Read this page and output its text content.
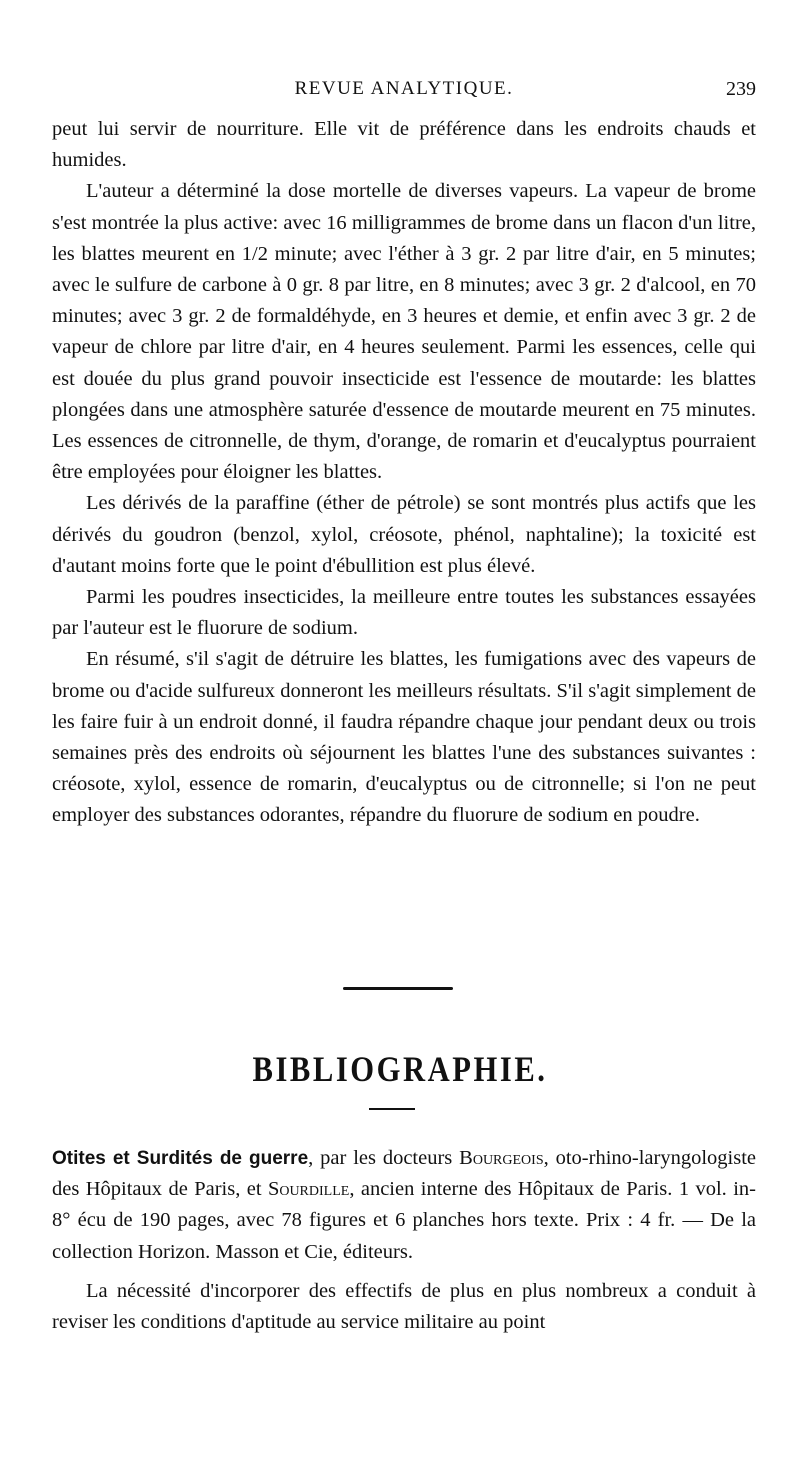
REVUE ANALYTIQUE.	239

peut lui servir de nourriture. Elle vit de préférence dans les endroits chauds et humides.

L'auteur a déterminé la dose mortelle de diverses vapeurs. La vapeur de brome s'est montrée la plus active: avec 16 milligrammes de brome dans un flacon d'un litre, les blattes meurent en 1/2 minute; avec l'éther à 3 gr. 2 par litre d'air, en 5 minutes; avec le sulfure de carbone à 0 gr. 8 par litre, en 8 minutes; avec 3 gr. 2 d'alcool, en 70 minutes; avec 3 gr. 2 de formaldéhyde, en 3 heures et demie, et enfin avec 3 gr. 2 de vapeur de chlore par litre d'air, en 4 heures seulement. Parmi les essences, celle qui est douée du plus grand pouvoir insecticide est l'essence de moutarde: les blattes plongées dans une atmosphère saturée d'essence de moutarde meurent en 75 minutes. Les essences de citronnelle, de thym, d'orange, de romarin et d'eucalyptus pourraient être employées pour éloigner les blattes.

Les dérivés de la paraffine (éther de pétrole) se sont montrés plus actifs que les dérivés du goudron (benzol, xylol, créosote, phénol, naphtaline); la toxicité est d'autant moins forte que le point d'ébullition est plus élevé.

Parmi les poudres insecticides, la meilleure entre toutes les substances essayées par l'auteur est le fluorure de sodium.

En résumé, s'il s'agit de détruire les blattes, les fumigations avec des vapeurs de brome ou d'acide sulfureux donneront les meilleurs résultats. S'il s'agit simplement de les faire fuir à un endroit donné, il faudra répandre chaque jour pendant deux ou trois semaines près des endroits où séjournent les blattes l'une des substances suivantes : créosote, xylol, essence de romarin, d'eucalyptus ou de citronnelle; si l'on ne peut employer des substances odorantes, répandre du fluorure de sodium en poudre.

BIBLIOGRAPHIE.

Otites et Surdités de guerre, par les docteurs Bourgeois, oto-rhino-laryngologiste des Hôpitaux de Paris, et Sourdille, ancien interne des Hôpitaux de Paris. 1 vol. in-8° écu de 190 pages, avec 78 figures et 6 planches hors texte. Prix : 4 fr. — De la collection Horizon. Masson et Cie, éditeurs.

La nécessité d'incorporer des effectifs de plus en plus nombreux a conduit à reviser les conditions d'aptitude au service militaire au point
